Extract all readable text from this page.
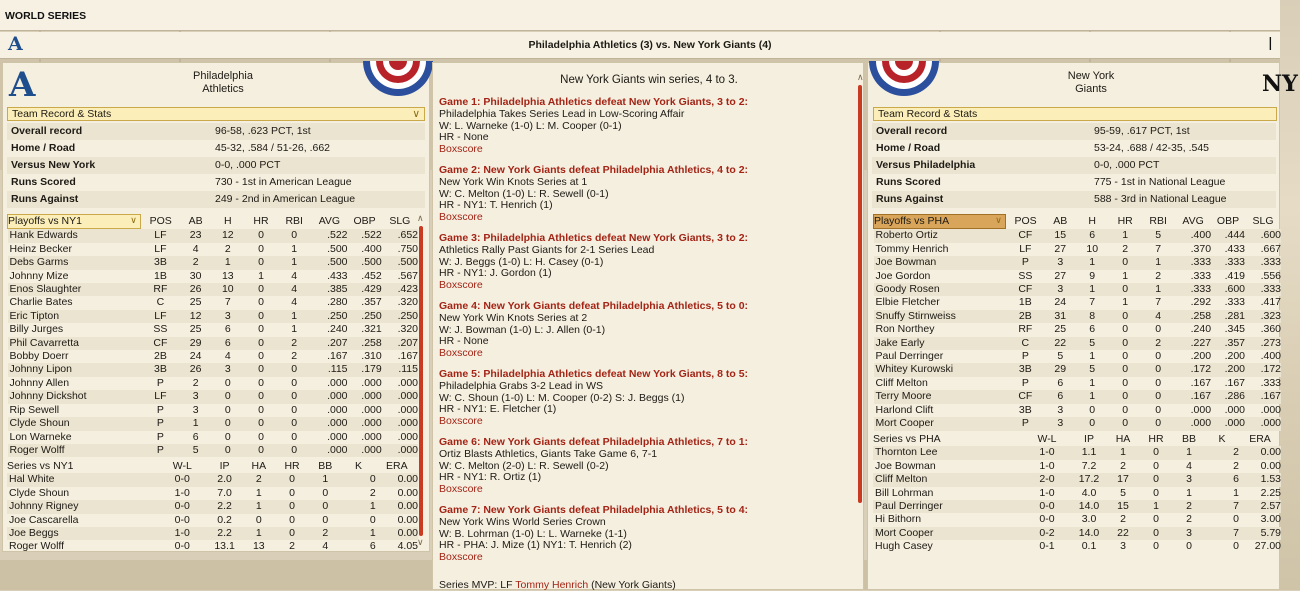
WORLD SERIES
A	Philadelphia Athletics (3) vs. New York Giants (4)	|
A	Philadelphia
Athletics
Team Record & Stats	∨
Overall record	96-58, .623 PCT, 1st
Home / Road	45-32, .584 / 51-26, .662
Versus New York	0-0, .000 PCT
Runs Scored	730 - 1st in American League
Runs Against	249 - 2nd in American League
Playoffs vs NY1 ∨	POS	AB	H	HR	RBI	AVG	OBP	SLG
Hank Edwards	LF	23	12	0	0	.522	.522	.652
Heinz Becker	LF	4	2	0	1	.500	.400	.750
Debs Garms	3B	2	1	0	1	.500	.500	.500
Johnny Mize	1B	30	13	1	4	.433	.452	.567
Enos Slaughter	RF	26	10	0	4	.385	.429	.423
Charlie Bates	C	25	7	0	4	.280	.357	.320
Eric Tipton	LF	12	3	0	1	.250	.250	.250
Billy Jurges	SS	25	6	0	1	.240	.321	.320
Phil Cavarretta	CF	29	6	0	2	.207	.258	.207
Bobby Doerr	2B	24	4	0	2	.167	.310	.167
Johnny Lipon	3B	26	3	0	0	.115	.179	.115
Johnny Allen	P	2	0	0	0	.000	.000	.000
Johnny Dickshot	LF	3	0	0	0	.000	.000	.000
Rip Sewell	P	3	0	0	0	.000	.000	.000
Clyde Shoun	P	1	0	0	0	.000	.000	.000
Lon Warneke	P	6	0	0	0	.000	.000	.000
Roger Wolff	P	5	0	0	0	.000	.000	.000
Series vs NY1	W-L	IP	HA	HR	BB	K	ERA
Hal White	0-0	2.0	2	0	1	0	0.00
Clyde Shoun	1-0	7.0	1	0	0	2	0.00
Johnny Rigney	0-0	2.2	1	0	0	1	0.00
Joe Cascarella	0-0	0.2	0	0	0	0	0.00
Joe Beggs	1-0	2.2	1	0	2	1	0.00
Roger Wolff	0-0	13.1	13	2	4	6	4.05
∧
∨
New York Giants win series, 4 to 3.
Game 1: Philadelphia Athletics defeat New York Giants, 3 to 2:
Philadelphia Takes Series Lead in Low-Scoring Affair
W: L. Warneke (1-0) L: M. Cooper (0-1)
HR - None
Boxscore
Game 2: New York Giants defeat Philadelphia Athletics, 4 to 2:
New York Win Knots Series at 1
W: C. Melton (1-0) L: R. Sewell (0-1)
HR - NY1: T. Henrich (1)
Boxscore
Game 3: Philadelphia Athletics defeat New York Giants, 3 to 2:
Athletics Rally Past Giants for 2-1 Series Lead
W: J. Beggs (1-0) L: H. Casey (0-1)
HR - NY1: J. Gordon (1)
Boxscore
Game 4: New York Giants defeat Philadelphia Athletics, 5 to 0:
New York Win Knots Series at 2
W: J. Bowman (1-0) L: J. Allen (0-1)
HR - None
Boxscore
Game 5: Philadelphia Athletics defeat New York Giants, 8 to 5:
Philadelphia Grabs 3-2 Lead in WS
W: C. Shoun (1-0) L: M. Cooper (0-2) S: J. Beggs (1)
HR - NY1: E. Fletcher (1)
Boxscore
Game 6: New York Giants defeat Philadelphia Athletics, 7 to 1:
Ortiz Blasts Athletics, Giants Take Game 6, 7-1
W: C. Melton (2-0) L: R. Sewell (0-2)
HR - NY1: R. Ortiz (1)
Boxscore
Game 7: New York Giants defeat Philadelphia Athletics, 5 to 4:
New York Wins World Series Crown
W: B. Lohrman (1-0) L: L. Warneke (1-1)
HR - PHA: J. Mize (1) NY1: T. Henrich (2)
Boxscore
Series MVP: LF Tommy Henrich (New York Giants)
∧	New York
Giants	NY
Team Record & Stats
Overall record	95-59, .617 PCT, 1st
Home / Road	53-24, .688 / 42-35, .545
Versus Philadelphia	0-0, .000 PCT
Runs Scored	775 - 1st in National League
Runs Against	588 - 3rd in National League
Playoffs vs PHA ∨	POS	AB	H	HR	RBI	AVG	OBP	SLG
Roberto Ortiz	CF	15	6	1	5	.400	.444	.600
Tommy Henrich	LF	27	10	2	7	.370	.433	.667
Joe Bowman	P	3	1	0	1	.333	.333	.333
Joe Gordon	SS	27	9	1	2	.333	.419	.556
Goody Rosen	CF	3	1	0	1	.333	.600	.333
Elbie Fletcher	1B	24	7	1	7	.292	.333	.417
Snuffy Stirnweiss	2B	31	8	0	4	.258	.281	.323
Ron Northey	RF	25	6	0	0	.240	.345	.360
Jake Early	C	22	5	0	2	.227	.357	.273
Paul Derringer	P	5	1	0	0	.200	.200	.400
Whitey Kurowski	3B	29	5	0	0	.172	.200	.172
Cliff Melton	P	6	1	0	0	.167	.167	.333
Terry Moore	CF	6	1	0	0	.167	.286	.167
Harlond Clift	3B	3	0	0	0	.000	.000	.000
Mort Cooper	P	3	0	0	0	.000	.000	.000
Series vs PHA	W-L	IP	HA	HR	BB	K	ERA
Thornton Lee	1-0	1.1	1	0	1	2	0.00
Joe Bowman	1-0	7.2	2	0	4	2	0.00
Cliff Melton	2-0	17.2	17	0	3	6	1.53
Bill Lohrman	1-0	4.0	5	0	1	1	2.25
Paul Derringer	0-0	14.0	15	1	2	7	2.57
Hi Bithorn	0-0	3.0	2	0	2	0	3.00
Mort Cooper	0-2	14.0	22	0	3	7	5.79
Hugh Casey	0-1	0.1	3	0	0	0	27.00
